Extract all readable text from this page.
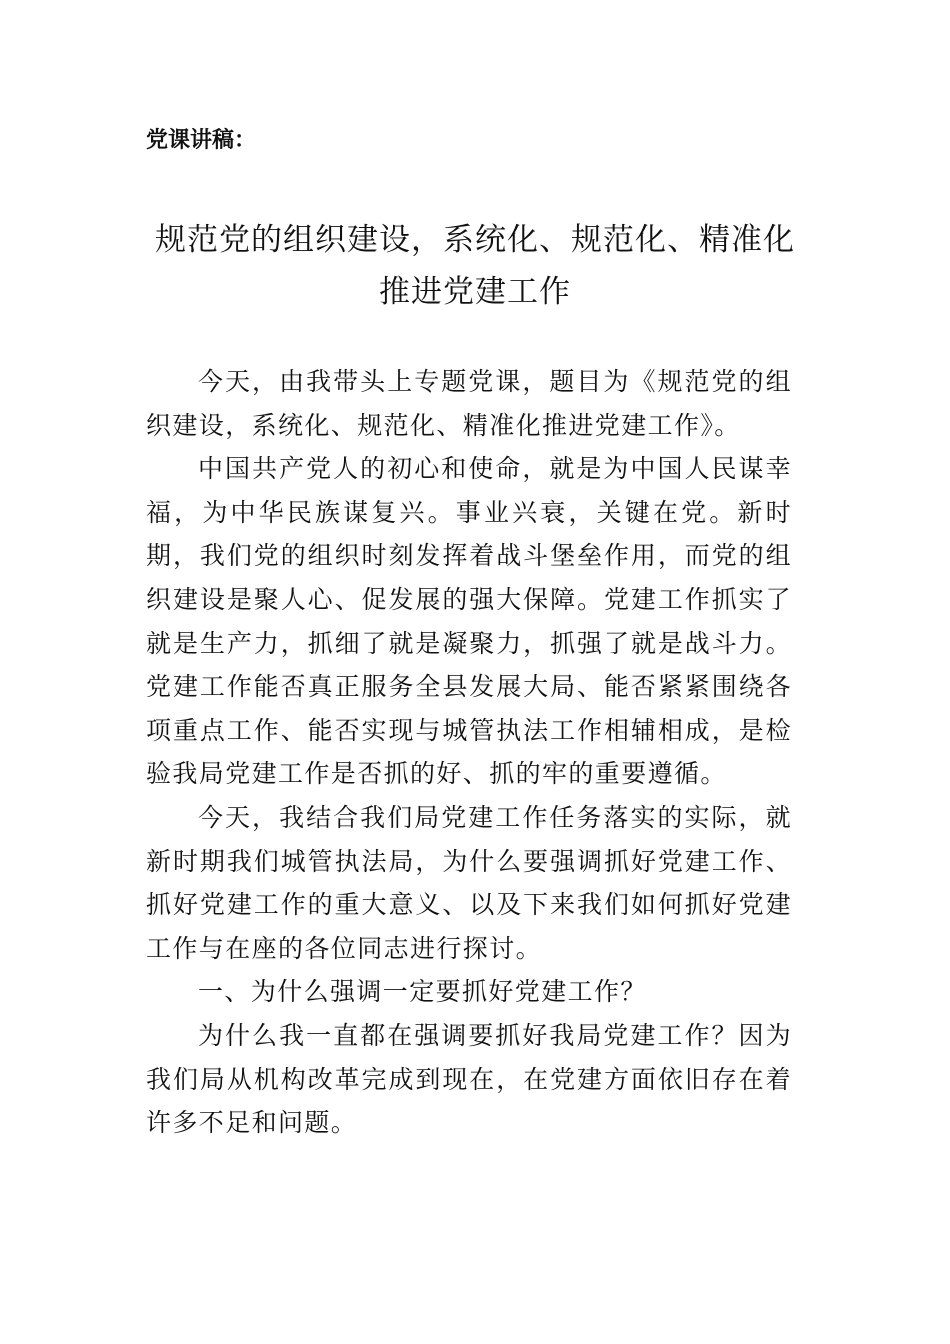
党课讲稿：
规范党的组织建设，系统化、规范化、精准化
推进党建工作

今天，由我带头上专题党课，题目为《规范党的组织建设，系统化、规范化、精准化推进党建工作》。

中国共产党人的初心和使命，就是为中国人民谋幸福，为中华民族谋复兴。事业兴衰，关键在党。新时期，我们党的组织时刻发挥着战斗堡垒作用，而党的组织建设是聚人心、促发展的强大保障。党建工作抓实了就是生产力，抓细了就是凝聚力，抓强了就是战斗力。党建工作能否真正服务全县发展大局、能否紧紧围绕各项重点工作、能否实现与城管执法工作相辅相成，是检验我局党建工作是否抓的好、抓的牢的重要遵循。

今天，我结合我们局党建工作任务落实的实际，就新时期我们城管执法局，为什么要强调抓好党建工作、抓好党建工作的重大意义、以及下来我们如何抓好党建工作与在座的各位同志进行探讨。

一、为什么强调一定要抓好党建工作？

为什么我一直都在强调要抓好我局党建工作？因为我们局从机构改革完成到现在，在党建方面依旧存在着许多不足和问题。
